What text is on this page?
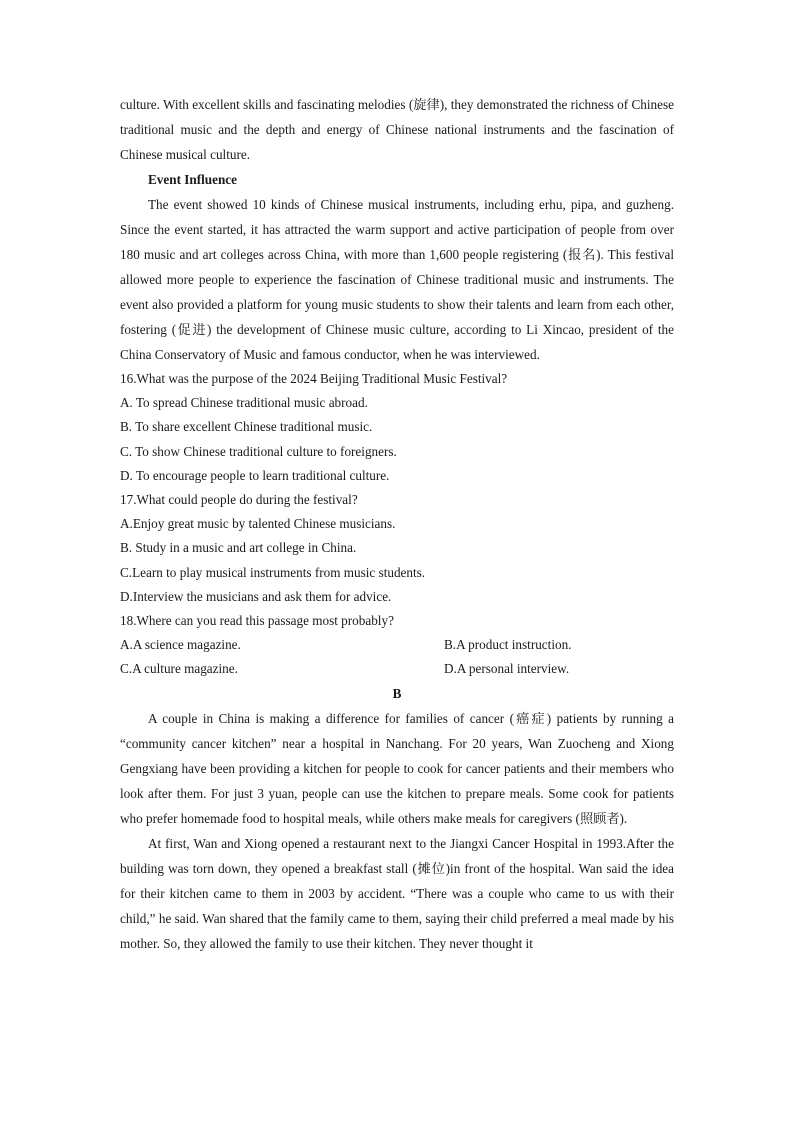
culture. With excellent skills and fascinating melodies (旋律), they demonstrated the richness of Chinese traditional music and the depth and energy of Chinese national instruments and the fascination of Chinese musical culture.

Event Influence

The event showed 10 kinds of Chinese musical instruments, including erhu, pipa, and guzheng. Since the event started, it has attracted the warm support and active participation of people from over 180 music and art colleges across China, with more than 1,600 people registering (报名). This festival allowed more people to experience the fascination of Chinese traditional music and instruments. The event also provided a platform for young music students to show their talents and learn from each other, fostering (促进) the development of Chinese music culture, according to Li Xincao, president of the China Conservatory of Music and famous conductor, when he was interviewed.

16.What was the purpose of the 2024 Beijing Traditional Music Festival?

A. To spread Chinese traditional music abroad.

B. To share excellent Chinese traditional music.

C. To show Chinese traditional culture to foreigners.

D. To encourage people to learn traditional culture.

17.What could people do during the festival?

A.Enjoy great music by talented Chinese musicians.

B. Study in a music and art college in China.

C.Learn to play musical instruments from music students.

D.Interview the musicians and ask them for advice.

18.Where can you read this passage most probably?

A.A science magazine.	B.A product instruction.
C.A culture magazine.	D.A personal interview.

B

A couple in China is making a difference for families of cancer (癌症) patients by running a “community cancer kitchen” near a hospital in Nanchang. For 20 years, Wan Zuocheng and Xiong Gengxiang have been providing a kitchen for people to cook for cancer patients and their members who look after them. For just 3 yuan, people can use the kitchen to prepare meals. Some cook for patients who prefer homemade food to hospital meals, while others make meals for caregivers (照顾者).

At first, Wan and Xiong opened a restaurant next to the Jiangxi Cancer Hospital in 1993.After the building was torn down, they opened a breakfast stall (摊位)in front of the hospital. Wan said the idea for their kitchen came to them in 2003 by accident. “There was a couple who came to us with their child,” he said. Wan shared that the family came to them, saying their child preferred a meal made by his mother. So, they allowed the family to use their kitchen. They never thought it
